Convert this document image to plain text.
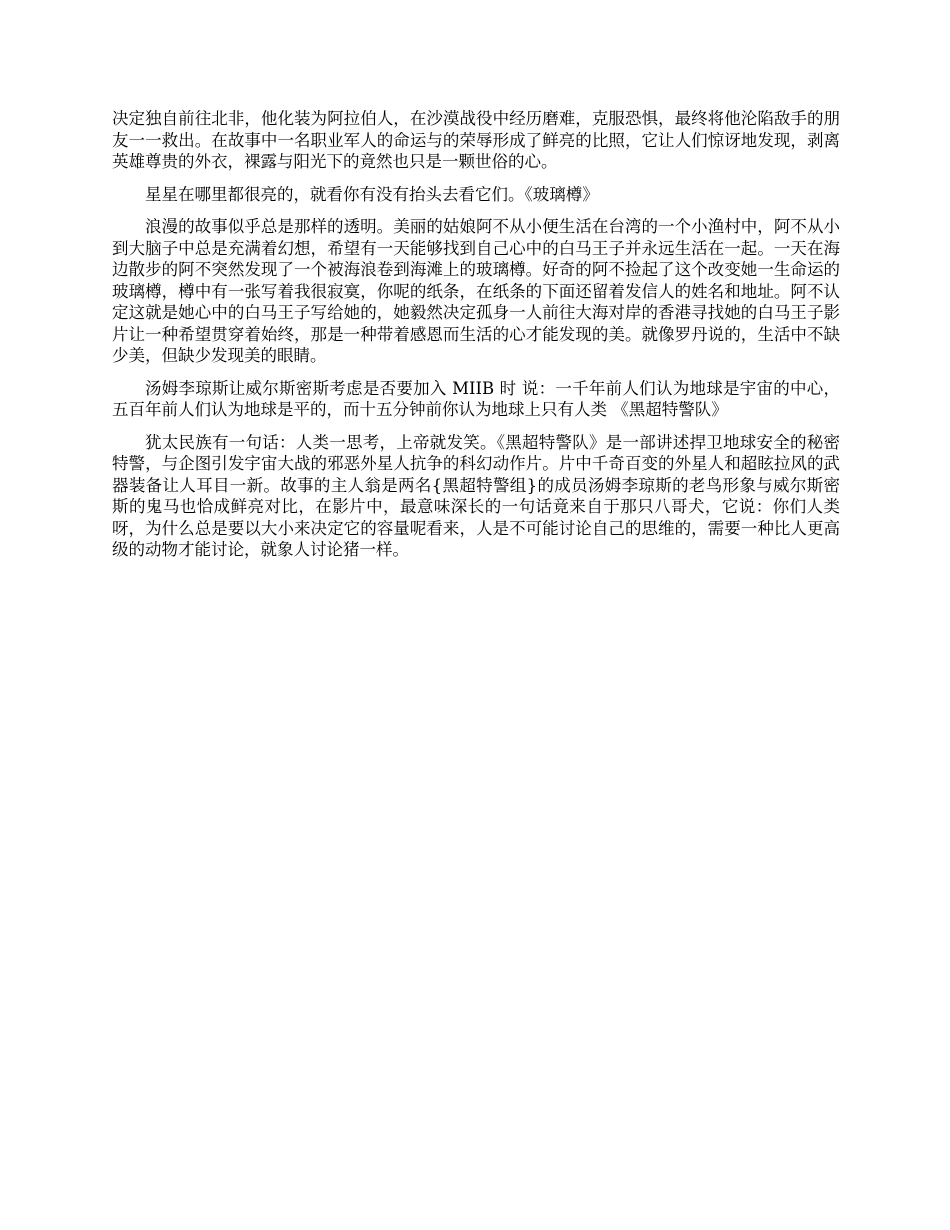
决定独自前往北非，他化装为阿拉伯人，在沙漠战役中经历磨难，克服恐惧，最终将他沦陷敌手的朋友一一救出。在故事中一名职业军人的命运与的荣辱形成了鲜亮的比照，它让人们惊讶地发现，剥离英雄尊贵的外衣，裸露与阳光下的竟然也只是一颗世俗的心。

星星在哪里都很亮的，就看你有没有抬头去看它们。《玻璃樽》

浪漫的故事似乎总是那样的透明。美丽的姑娘阿不从小便生活在台湾的一个小渔村中，阿不从小到大脑子中总是充满着幻想，希望有一天能够找到自己心中的白马王子并永远生活在一起。一天在海边散步的阿不突然发现了一个被海浪卷到海滩上的玻璃樽。好奇的阿不捡起了这个改变她一生命运的玻璃樽，樽中有一张写着我很寂寞，你呢的纸条，在纸条的下面还留着发信人的姓名和地址。阿不认定这就是她心中的白马王子写给她的，她毅然决定孤身一人前往大海对岸的香港寻找她的白马王子影片让一种希望贯穿着始终，那是一种带着感恩而生活的心才能发现的美。就像罗丹说的，生活中不缺少美，但缺少发现美的眼睛。

汤姆李琼斯让威尔斯密斯考虑是否要加入 MIIB 时 说：一千年前人们认为地球是宇宙的中心，五百年前人们认为地球是平的，而十五分钟前你认为地球上只有人类 《黑超特警队》

犹太民族有一句话：人类一思考，上帝就发笑。《黑超特警队》是一部讲述捍卫地球安全的秘密特警，与企图引发宇宙大战的邪恶外星人抗争的科幻动作片。片中千奇百变的外星人和超眩拉风的武器装备让人耳目一新。故事的主人翁是两名{黑超特警组}的成员汤姆李琼斯的老鸟形象与威尔斯密斯的鬼马也恰成鲜亮对比，在影片中，最意味深长的一句话竟来自于那只八哥犬，它说：你们人类呀，为什么总是要以大小来决定它的容量呢看来，人是不可能讨论自己的思维的，需要一种比人更高级的动物才能讨论，就象人讨论猪一样。
